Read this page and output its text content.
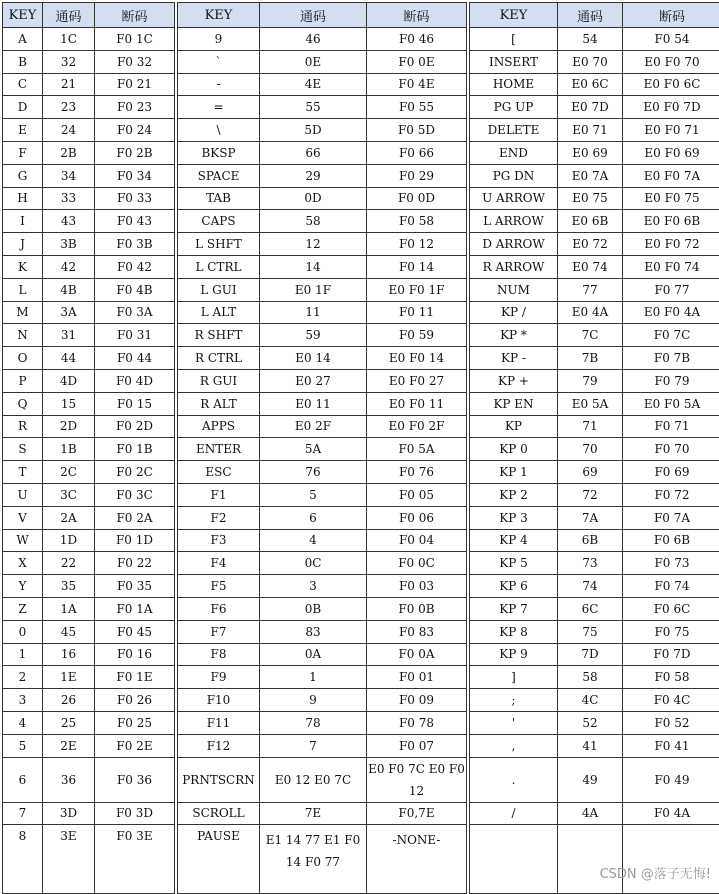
KEY	通码	断码
A	1C	F0 1C
B	32	F0 32
C	21	F0 21
D	23	F0 23
E	24	F0 24
F	2B	F0 2B
G	34	F0 34
H	33	F0 33
I	43	F0 43
J	3B	F0 3B
K	42	F0 42
L	4B	F0 4B
M	3A	F0 3A
N	31	F0 31
O	44	F0 44
P	4D	F0 4D
Q	15	F0 15
R	2D	F0 2D
S	1B	F0 1B
T	2C	F0 2C
U	3C	F0 3C
V	2A	F0 2A
W	1D	F0 1D
X	22	F0 22
Y	35	F0 35
Z	1A	F0 1A
0	45	F0 45
1	16	F0 16
2	1E	F0 1E
3	26	F0 26
4	25	F0 25
5	2E	F0 2E
6	36	F0 36
7	3D	F0 3D
8	3E	F0 3E
KEY	通码	断码
9	46	F0 46
`	0E	F0 0E
-	4E	F0 4E
=	55	F0 55
\	5D	F0 5D
BKSP	66	F0 66
SPACE	29	F0 29
TAB	0D	F0 0D
CAPS	58	F0 58
L SHFT	12	F0 12
L CTRL	14	F0 14
L GUI	E0 1F	E0 F0 1F
L ALT	11	F0 11
R SHFT	59	F0 59
R CTRL	E0 14	E0 F0 14
R GUI	E0 27	E0 F0 27
R ALT	E0 11	E0 F0 11
APPS	E0 2F	E0 F0 2F
ENTER	5A	F0 5A
ESC	76	F0 76
F1	5	F0 05
F2	6	F0 06
F3	4	F0 04
F4	0C	F0 0C
F5	3	F0 03
F6	0B	F0 0B
F7	83	F0 83
F8	0A	F0 0A
F9	1	F0 01
F10	9	F0 09
F11	78	F0 78
F12	7	F0 07
PRNTSCRN	E0 12 E0 7C	E0 F0 7C E0 F0 12
SCROLL	7E	F0,7E
PAUSE	E1 14 77 E1 F0 14 F0 77	-NONE-
KEY	通码	断码
[	54	F0 54
INSERT	E0 70	E0 F0 70
HOME	E0 6C	E0 F0 6C
PG UP	E0 7D	E0 F0 7D
DELETE	E0 71	E0 F0 71
END	E0 69	E0 F0 69
PG DN	E0 7A	E0 F0 7A
U ARROW	E0 75	E0 F0 75
L ARROW	E0 6B	E0 F0 6B
D ARROW	E0 72	E0 F0 72
R ARROW	E0 74	E0 F0 74
NUM	77	F0 77
KP /	E0 4A	E0 F0 4A
KP *	7C	F0 7C
KP -	7B	F0 7B
KP +	79	F0 79
KP EN	E0 5A	E0 F0 5A
KP	71	F0 71
KP 0	70	F0 70
KP 1	69	F0 69
KP 2	72	F0 72
KP 3	7A	F0 7A
KP 4	6B	F0 6B
KP 5	73	F0 73
KP 6	74	F0 74
KP 7	6C	F0 6C
KP 8	75	F0 75
KP 9	7D	F0 7D
]	58	F0 58
;	4C	F0 4C
'	52	F0 52
,	41	F0 41
.	49	F0 49
/	4A	F0 4A

CSDN @落子无悔!
